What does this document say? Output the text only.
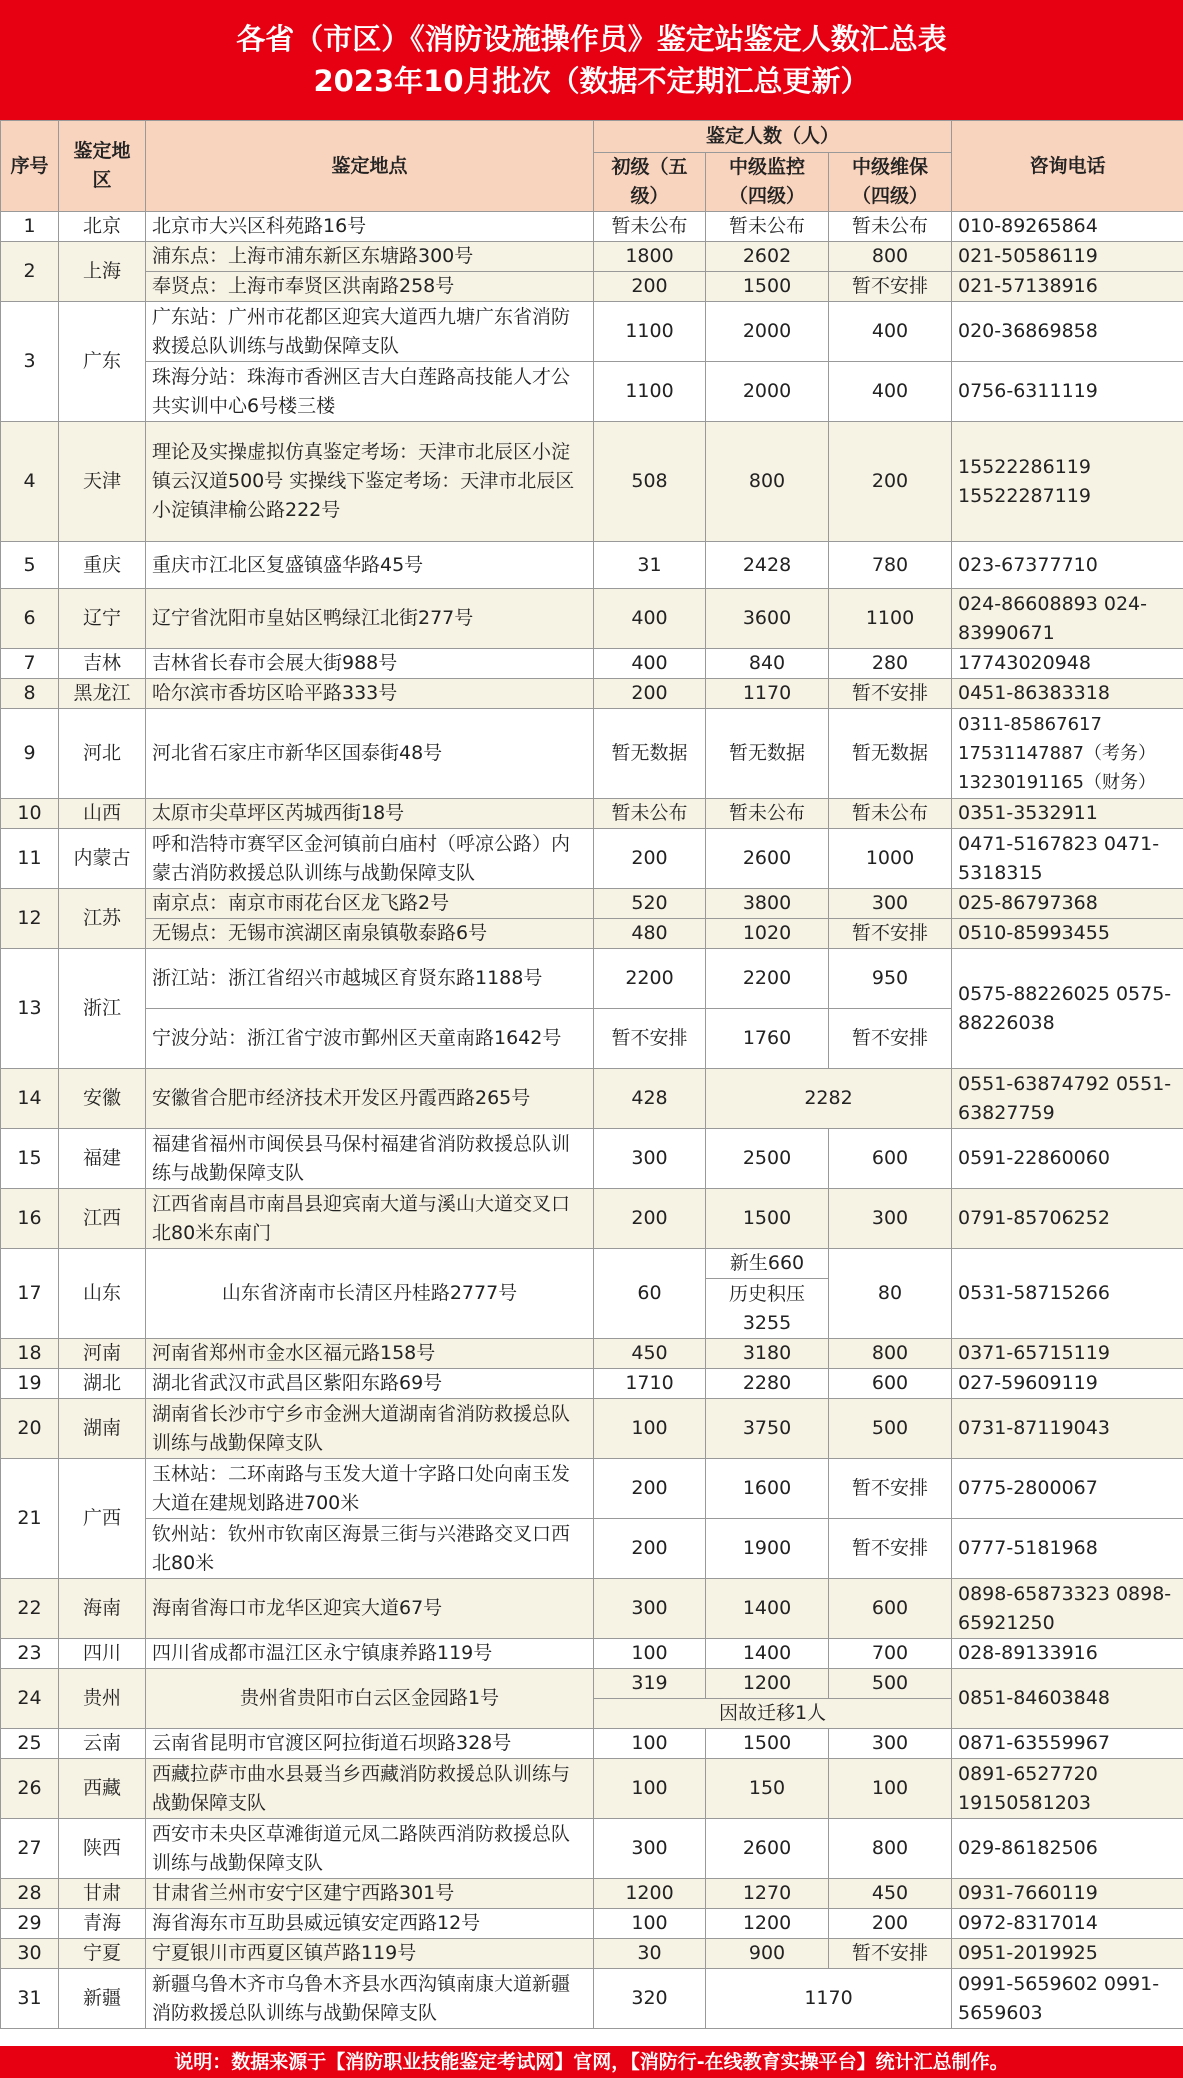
各省（市区）《消防设施操作员》鉴定站鉴定人数汇总表
2023年10月批次（数据不定期汇总更新）
序号	鉴定地区	鉴定地点	鉴定人数（人）			咨询电话
			初级（五级）	中级监控（四级）	中级维保（四级）	
1	北京	北京市大兴区科苑路16号	暂未公布	暂未公布	暂未公布	010-89265864
2	上海	浦东点：上海市浦东新区东塘路300号	1800	2602	800	021-50586119
		奉贤点：上海市奉贤区洪南路258号	200	1500	暂不安排	021-57138916
3	广东	广东站：广州市花都区迎宾大道西九塘广东省消防救援总队训练与战勤保障支队	1100	2000	400	020-36869858
		珠海分站：珠海市香洲区吉大白莲路高技能人才公共实训中心6号楼三楼	1100	2000	400	0756-6311119
4	天津	理论及实操虚拟仿真鉴定考场：天津市北辰区小淀镇云汉道500号 实操线下鉴定考场：天津市北辰区小淀镇津榆公路222号	508	800	200	15522286119 15522287119
5	重庆	重庆市江北区复盛镇盛华路45号	31	2428	780	023-67377710
6	辽宁	辽宁省沈阳市皇姑区鸭绿江北街277号	400	3600	1100	024-86608893 024-83990671
7	吉林	吉林省长春市会展大街988号	400	840	280	17743020948
8	黑龙江	哈尔滨市香坊区哈平路333号	200	1170	暂不安排	0451-86383318
9	河北	河北省石家庄市新华区国泰街48号	暂无数据	暂无数据	暂无数据	0311-85867617 17531147887（考务）13230191165（财务）
10	山西	太原市尖草坪区芮城西街18号	暂未公布	暂未公布	暂未公布	0351-3532911
11	内蒙古	呼和浩特市赛罕区金河镇前白庙村（呼凉公路）内蒙古消防救援总队训练与战勤保障支队	200	2600	1000	0471-5167823 0471-5318315
12	江苏	南京点：南京市雨花台区龙飞路2号	520	3800	300	025-86797368
		无锡点：无锡市滨湖区南泉镇敬泰路6号	480	1020	暂不安排	0510-85993455
13	浙江	浙江站：浙江省绍兴市越城区育贤东路1188号	2200	2200	950	0575-88226025 0575-88226038
		宁波分站：浙江省宁波市鄞州区天童南路1642号	暂不安排	1760	暂不安排	
14	安徽	安徽省合肥市经济技术开发区丹霞西路265号	428	2282		0551-63874792 0551-63827759
15	福建	福建省福州市闽侯县马保村福建省消防救援总队训练与战勤保障支队	300	2500	600	0591-22860060
16	江西	江西省南昌市南昌县迎宾南大道与溪山大道交叉口北80米东南门	200	1500	300	0791-85706252
17	山东	山东省济南市长清区丹桂路2777号	60	新生660	80	0531-58715266
				历史积压3255		
18	河南	河南省郑州市金水区福元路158号	450	3180	800	0371-65715119
19	湖北	湖北省武汉市武昌区紫阳东路69号	1710	2280	600	027-59609119
20	湖南	湖南省长沙市宁乡市金洲大道湖南省消防救援总队训练与战勤保障支队	100	3750	500	0731-87119043
21	广西	玉林站：二环南路与玉发大道十字路口处向南玉发大道在建规划路进700米	200	1600	暂不安排	0775-2800067
		钦州站：钦州市钦南区海景三街与兴港路交叉口西北80米	200	1900	暂不安排	0777-5181968
22	海南	海南省海口市龙华区迎宾大道67号	300	1400	600	0898-65873323 0898-65921250
23	四川	四川省成都市温江区永宁镇康养路119号	100	1400	700	028-89133916
24	贵州	贵州省贵阳市白云区金园路1号	319	1200	500	0851-84603848
			因故迁移1人			
25	云南	云南省昆明市官渡区阿拉街道石坝路328号	100	1500	300	0871-63559967
26	西藏	西藏拉萨市曲水县聂当乡西藏消防救援总队训练与战勤保障支队	100	150	100	0891-6527720 19150581203
27	陕西	西安市未央区草滩街道元凤二路陕西消防救援总队训练与战勤保障支队	300	2600	800	029-86182506
28	甘肃	甘肃省兰州市安宁区建宁西路301号	1200	1270	450	0931-7660119
29	青海	海省海东市互助县威远镇安定西路12号	100	1200	200	0972-8317014
30	宁夏	宁夏银川市西夏区镇芦路119号	30	900	暂不安排	0951-2019925
31	新疆	新疆乌鲁木齐市乌鲁木齐县水西沟镇南康大道新疆消防救援总队训练与战勤保障支队	320	1170		0991-5659602 0991-5659603
说明：数据来源于【消防职业技能鉴定考试网】官网，【消防行-在线教育实操平台】统计汇总制作。
